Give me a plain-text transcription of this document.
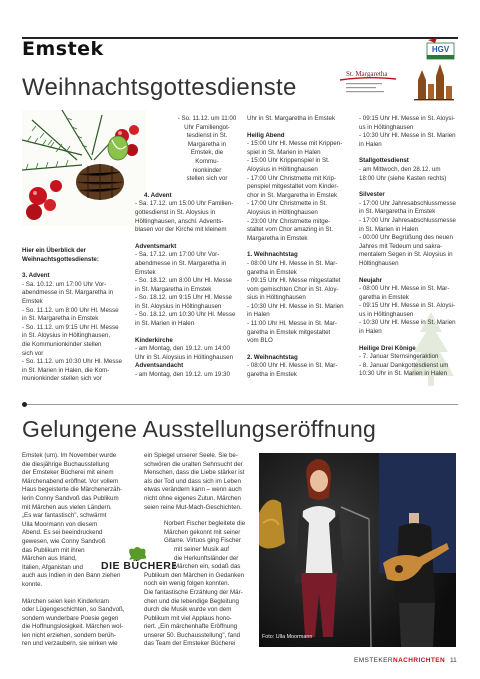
Emstek	HGV
Weihnachtsgottesdienste	St. Margaretha

Hier ein Überblick der Weihnachtsgottesdienste:

3. Advent

- Sa. 10.12. um 17:00 Uhr Vor-

abendmesse in St. Margaretha in

Emstek

- So. 11.12. um 8:00 Uhr Hl. Messe

in St. Margaretha in Emstek

- So. 11.12. um 9:15 Uhr Hl. Messe

in St. Aloysius in Höltinghausen,

die Kommunionkinder stellen

sich vor

- So. 11.12. um 10:30 Uhr Hl. Messe

in St. Marien in Halen, die Kom-

munionkinder stellen sich vor

- So. 11.12. um 11:00

Uhr Familiengot-

tesdienst in St.

Margaretha in

Emstek, die

Kommu-

nionkinder

stellen sich vor

4. Advent

- Sa. 17.12. um 15:00 Uhr Familien-

gottesdienst in St. Aloysius in

Höltinghausen, anschl. Advents-

blasen vor der Kirche mit kleinem

Adventsmarkt

- Sa. 17.12. um 17:00 Uhr Vor-

abendmesse in St. Margaretha in

Emstek

- So. 18.12. um 8:00 Uhr Hl. Messe

in St. Margaretha in Emstek

- So. 18.12. um 9:15 Uhr Hl. Messe

in St. Aloysius in Höltinghausen

- So. 18.12. um 10:30 Uhr Hl. Messe

in St. Marien in Halen

Kinderkirche

- am Montag, den 19.12. um 14:00

Uhr in St. Aloysius in Höltinghausen

Adventsandacht

- am Montag, den 19.12. um 19:30

Uhr in St. Margaretha in Emstek

Heilig Abend

- 15:00 Uhr Hl. Messe mit Krippen-

spiel in St. Marien in Halen

- 15:00 Uhr Krippenspiel in St.

Aloysius in Höltinghausen

- 17:00 Uhr Christmette mit Krip-

penspiel mitgestaltet vom Kinder-

chor in St. Margaretha in Emstek

- 17:00 Uhr Christmette in St.

Aloysius in Höltinghausen

- 23:00 Uhr Christmette mitge-

staltet vom Chor amazing in St.

Margaretha in Emstek

1. Weihnachtstag

- 08:00 Uhr Hl. Messe in St. Mar-

garetha in Emstek

- 09:15 Uhr Hl. Messe mitgestaltet

vom gemischten Chor in St. Aloy-

sius in Höltinghausen

- 10:30 Uhr Hl. Messe in St. Marien

in Halen

- 11:00 Uhr Hl. Messe in St. Mar-

garetha in Emstek mitgestaltet

vom BLO

2. Weihnachtstag

- 08:00 Uhr Hl. Messe in St. Mar-

garetha in Emstek

- 09:15 Uhr Hl. Messe in St. Aloysi-

us in Höltinghausen

- 10:30 Uhr Hl. Messe in St. Marien

in Halen

Stallgottesdienst

- am Mittwoch, den 28.12. um

18:00 Uhr (siehe Kasten rechts)

Silvester

- 17:00 Uhr Jahresabschlussmesse

in St. Margaretha in Emstek

- 17:00 Uhr Jahresabschlussmesse

in St. Marien in Halen

- 00:00 Uhr Begrüßung des neuen

Jahres mit Tedeum und sakra-

mentalem Segen in St. Aloysius in

Höltinghausen

Neujahr

- 08:00 Uhr Hl. Messe in St. Mar-

garetha in Emstek

- 09:15 Uhr Hl. Messe in St. Aloysi-

us in Höltinghausen

- 10:30 Uhr Hl. Messe in St. Marien

in Halen

Heilige Drei Könige

- 7. Januar Sternsingeraktion

- 8. Januar Dankgottesdienst um

10:30 Uhr in St. Marien in Halen

Gelungene Ausstellungseröffnung

Emstek (um). Im November wurde

die diesjährige Buchausstellung

der Emsteker Bücherei mit einem

Märchenabend eröffnet. Vor vollem

Haus begeisterte die Märchenerzäh-

lerin Conny Sandvoß das Publikum

mit Märchen aus vielen Ländern.

„Es war fantastisch", schwärmt

Ulla Moormann von diesem

Abend. Es sei beeindruckend

gewesen, wie Conny Sandvoß

das Publikum mit ihren

Märchen aus Irland,

Italien, Afganistan und

auch aus Indien in den Bann ziehen

konnte.

Märchen seien kein Kinderkram

oder Lügengeschichten, so Sandvoß,

sondern wunderbare Poesie gegen

die Hoffnungslosigkeit. Märchen wol-

len nicht erziehen, sondern berüh-

ren und verzaubern, sie wirken wie

ein Spiegel unserer Seele. Sie be-

schwören die uralten Sehnsucht der

Menschen, dass die Liebe stärker ist

als der Tod und dass sich im Leben

etwas verändern kann – wenn auch

nicht ohne eigenes Zutun. Märchen

seien reine Mut-Mach-Geschichten.

Norbert Fischer begleitete die

Märchen gekonnt mit seiner

Gitarre. Virtuos ging Fischer

mit seiner Musik auf

die Herkunftsländer der

Märchen ein, sodaß das

Publikum den Märchen in Gedanken

noch ein wenig folgen konnten.

Die fantastische Erzählung der Mär-

chen und die lebendige Begleitung

durch die Musik wurde von dem

Publikum mit viel Applaus hono-

riert. „Ein märchenhafte Eröffnung

unserer 50. Buchausstellung", fand

das Team der Emsteker Bücherei

DIE BÜCHEREI
Foto: Ulla Moormann
EMSTEKERNACHRICHTEN 11
